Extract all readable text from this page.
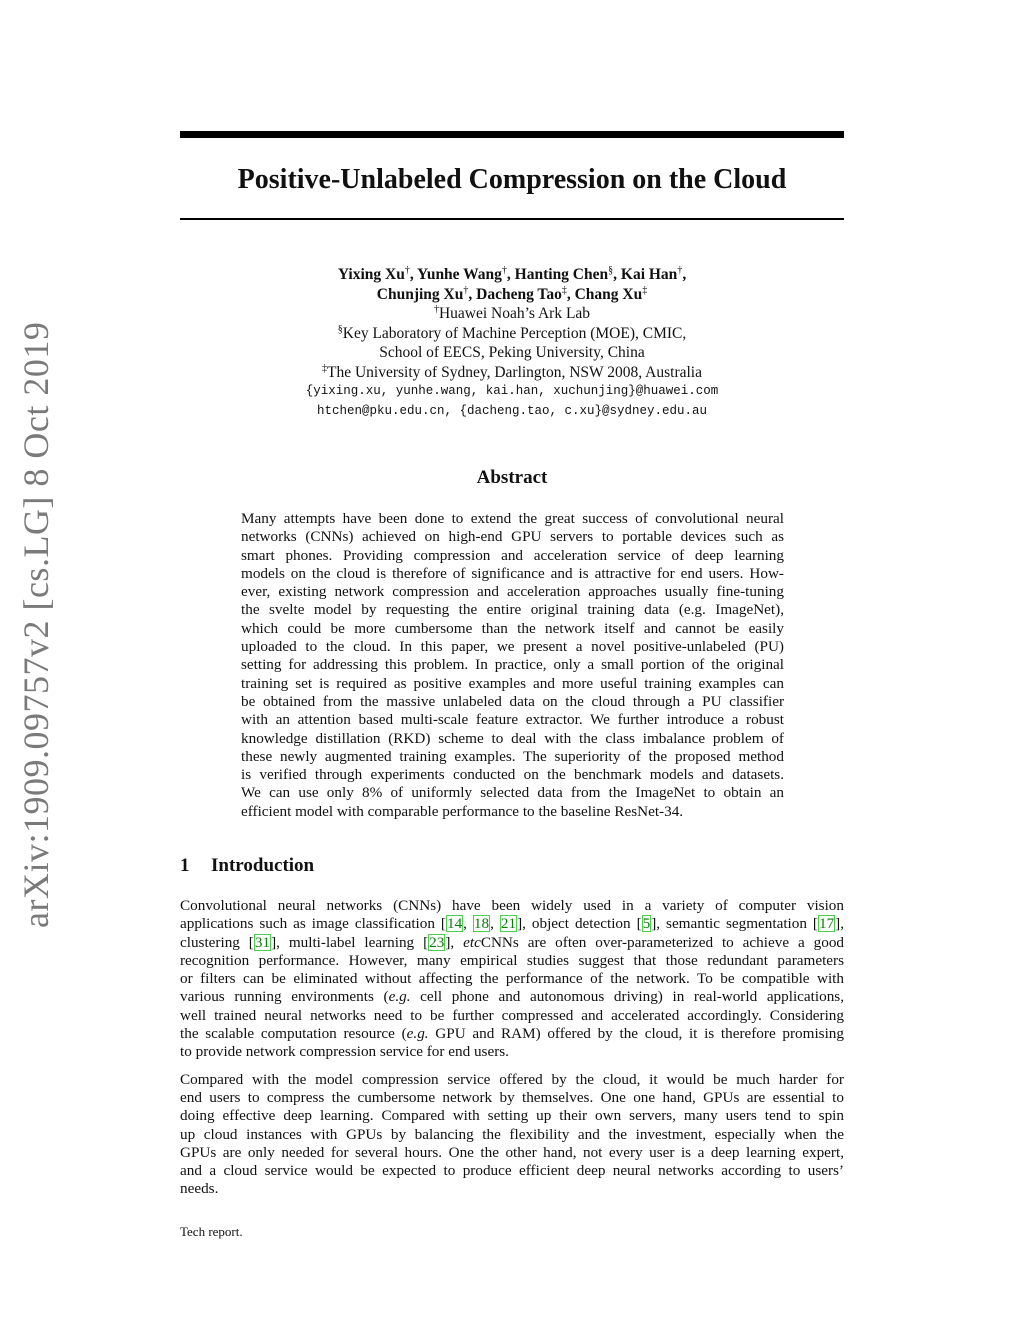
arXiv:1909.09757v2 [cs.LG] 8 Oct 2019
Positive-Unlabeled Compression on the Cloud
Yixing Xu†, Yunhe Wang†, Hanting Chen§, Kai Han†,
Chunjing Xu†, Dacheng Tao‡, Chang Xu‡
†Huawei Noah’s Ark Lab
§Key Laboratory of Machine Perception (MOE), CMIC,
School of EECS, Peking University, China
‡The University of Sydney, Darlington, NSW 2008, Australia
{yixing.xu, yunhe.wang, kai.han, xuchunjing}@huawei.com
htchen@pku.edu.cn, {dacheng.tao, c.xu}@sydney.edu.au
Abstract

Many attempts have been done to extend the great success of convolutional neural
networks (CNNs) achieved on high-end GPU servers to portable devices such as
smart phones. Providing compression and acceleration service of deep learning
models on the cloud is therefore of significance and is attractive for end users. How-
ever, existing network compression and acceleration approaches usually fine-tuning
the svelte model by requesting the entire original training data (e.g. ImageNet),
which could be more cumbersome than the network itself and cannot be easily
uploaded to the cloud. In this paper, we present a novel positive-unlabeled (PU)
setting for addressing this problem. In practice, only a small portion of the original
training set is required as positive examples and more useful training examples can
be obtained from the massive unlabeled data on the cloud through a PU classifier
with an attention based multi-scale feature extractor. We further introduce a robust
knowledge distillation (RKD) scheme to deal with the class imbalance problem of
these newly augmented training examples. The superiority of the proposed method
is verified through experiments conducted on the benchmark models and datasets.
We can use only 8% of uniformly selected data from the ImageNet to obtain an
efficient model with comparable performance to the baseline ResNet-34.

1 Introduction

Convolutional neural networks (CNNs) have been widely used in a variety of computer vision
applications such as image classification [14, 18, 21], object detection [5], semantic segmentation [17],
clustering [31], multi-label learning [23], etcCNNs are often over-parameterized to achieve a good
recognition performance. However, many empirical studies suggest that those redundant parameters
or filters can be eliminated without affecting the performance of the network. To be compatible with
various running environments (e.g. cell phone and autonomous driving) in real-world applications,
well trained neural networks need to be further compressed and accelerated accordingly. Considering
the scalable computation resource (e.g. GPU and RAM) offered by the cloud, it is therefore promising
to provide network compression service for end users.

Compared with the model compression service offered by the cloud, it would be much harder for
end users to compress the cumbersome network by themselves. One one hand, GPUs are essential to
doing effective deep learning. Compared with setting up their own servers, many users tend to spin
up cloud instances with GPUs by balancing the flexibility and the investment, especially when the
GPUs are only needed for several hours. One the other hand, not every user is a deep learning expert,
and a cloud service would be expected to produce efficient deep neural networks according to users’
needs.

Tech report.
